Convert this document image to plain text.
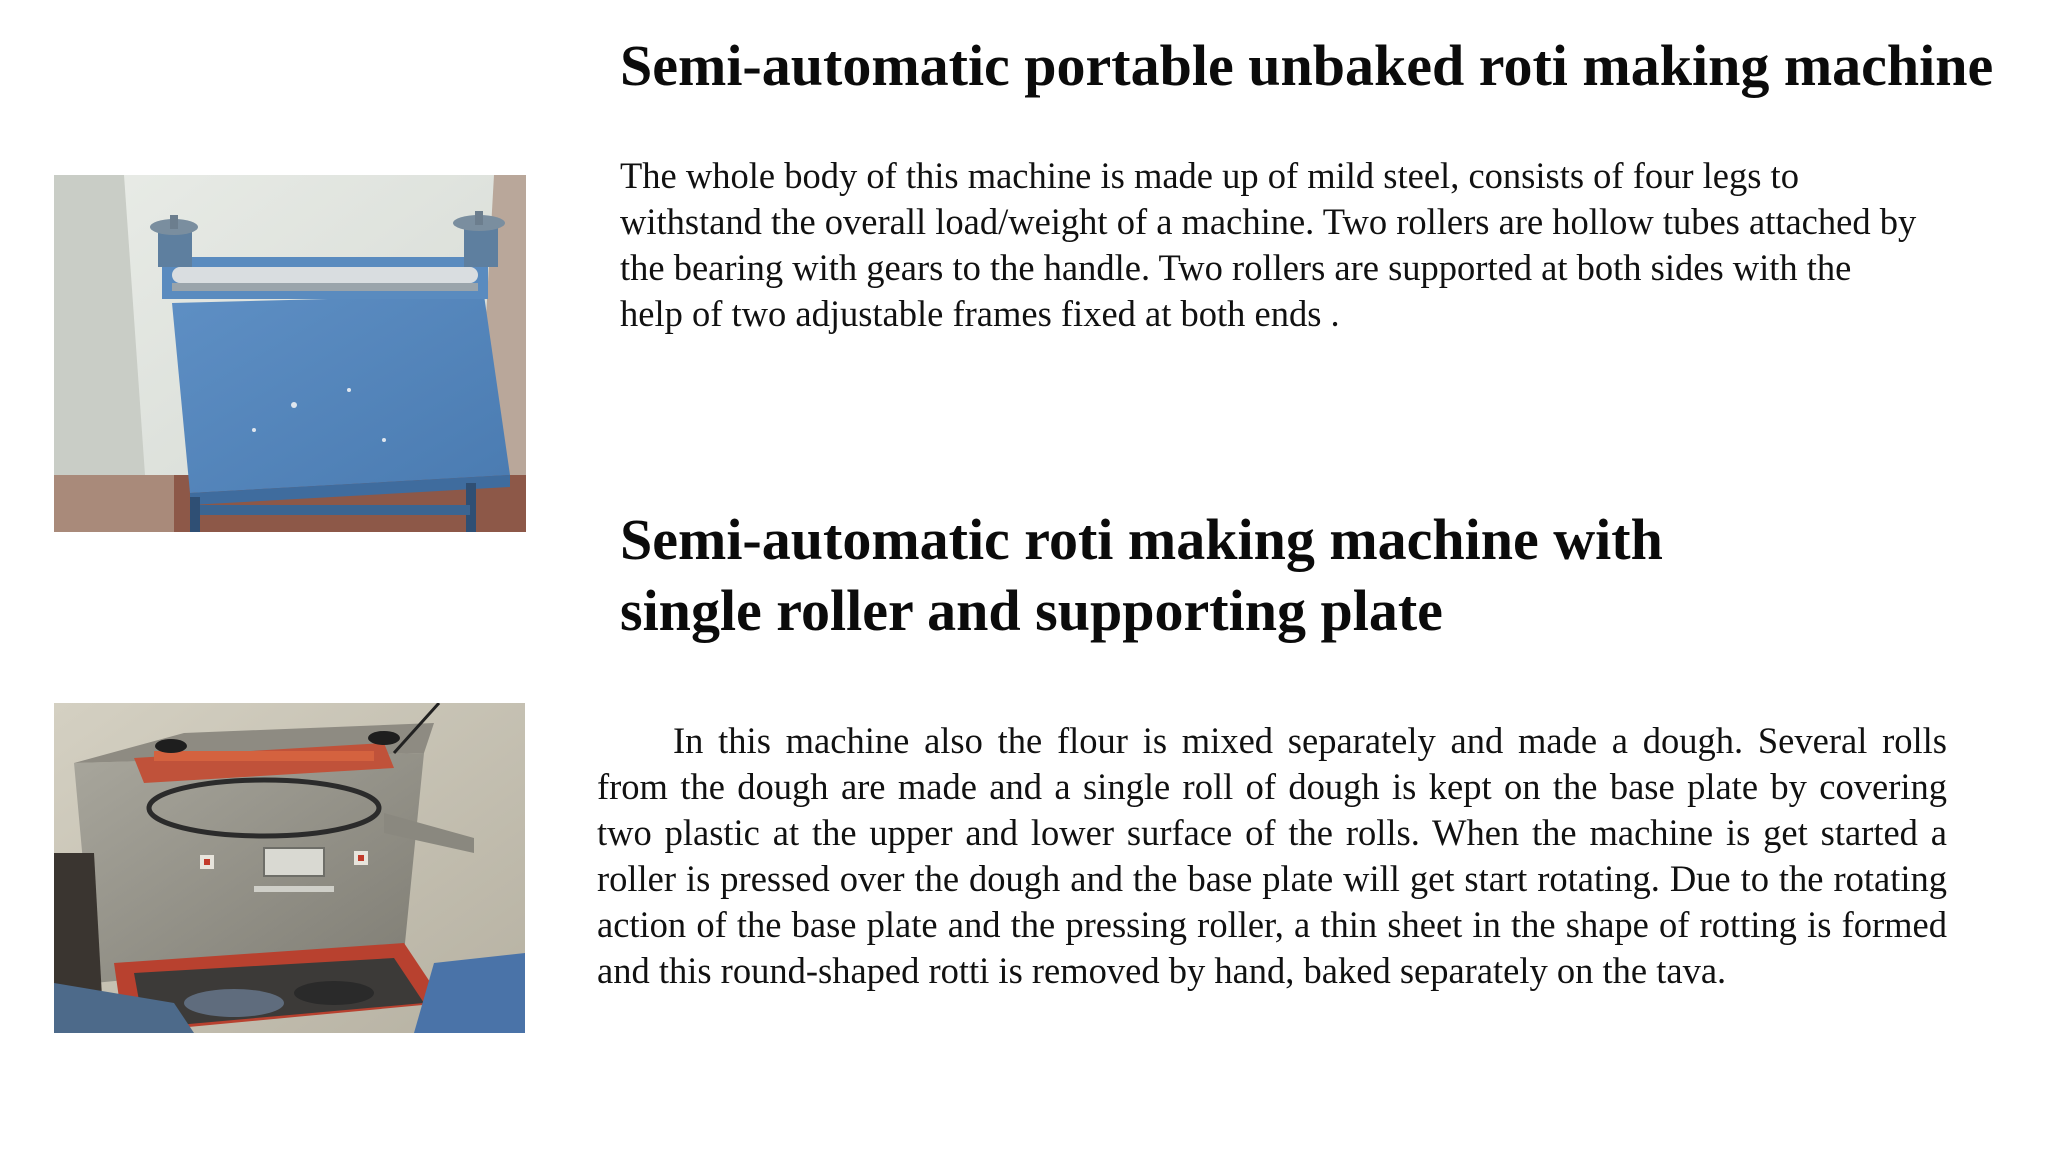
Semi-automatic portable unbaked roti making machine

The whole body of this machine is made up of mild steel, consists of four legs to
withstand the overall load/weight of a machine. Two rollers are hollow tubes attached by
the bearing with gears to the handle. Two rollers are supported at both sides with the
help of two adjustable frames fixed at both ends .

Semi-automatic roti making machine with
single roller and supporting plate

In this machine also the flour is mixed separately and made a dough. Several rolls from the dough are made and a single roll of dough is kept on the base plate by covering two plastic at the upper and lower surface of the rolls. When the machine is get started a roller is pressed over the dough and the base plate will get start rotating. Due to the rotating action of the base plate and the pressing roller, a thin sheet in the shape of rotting is formed and this round-shaped rotti is removed by hand, baked separately on the tava.
